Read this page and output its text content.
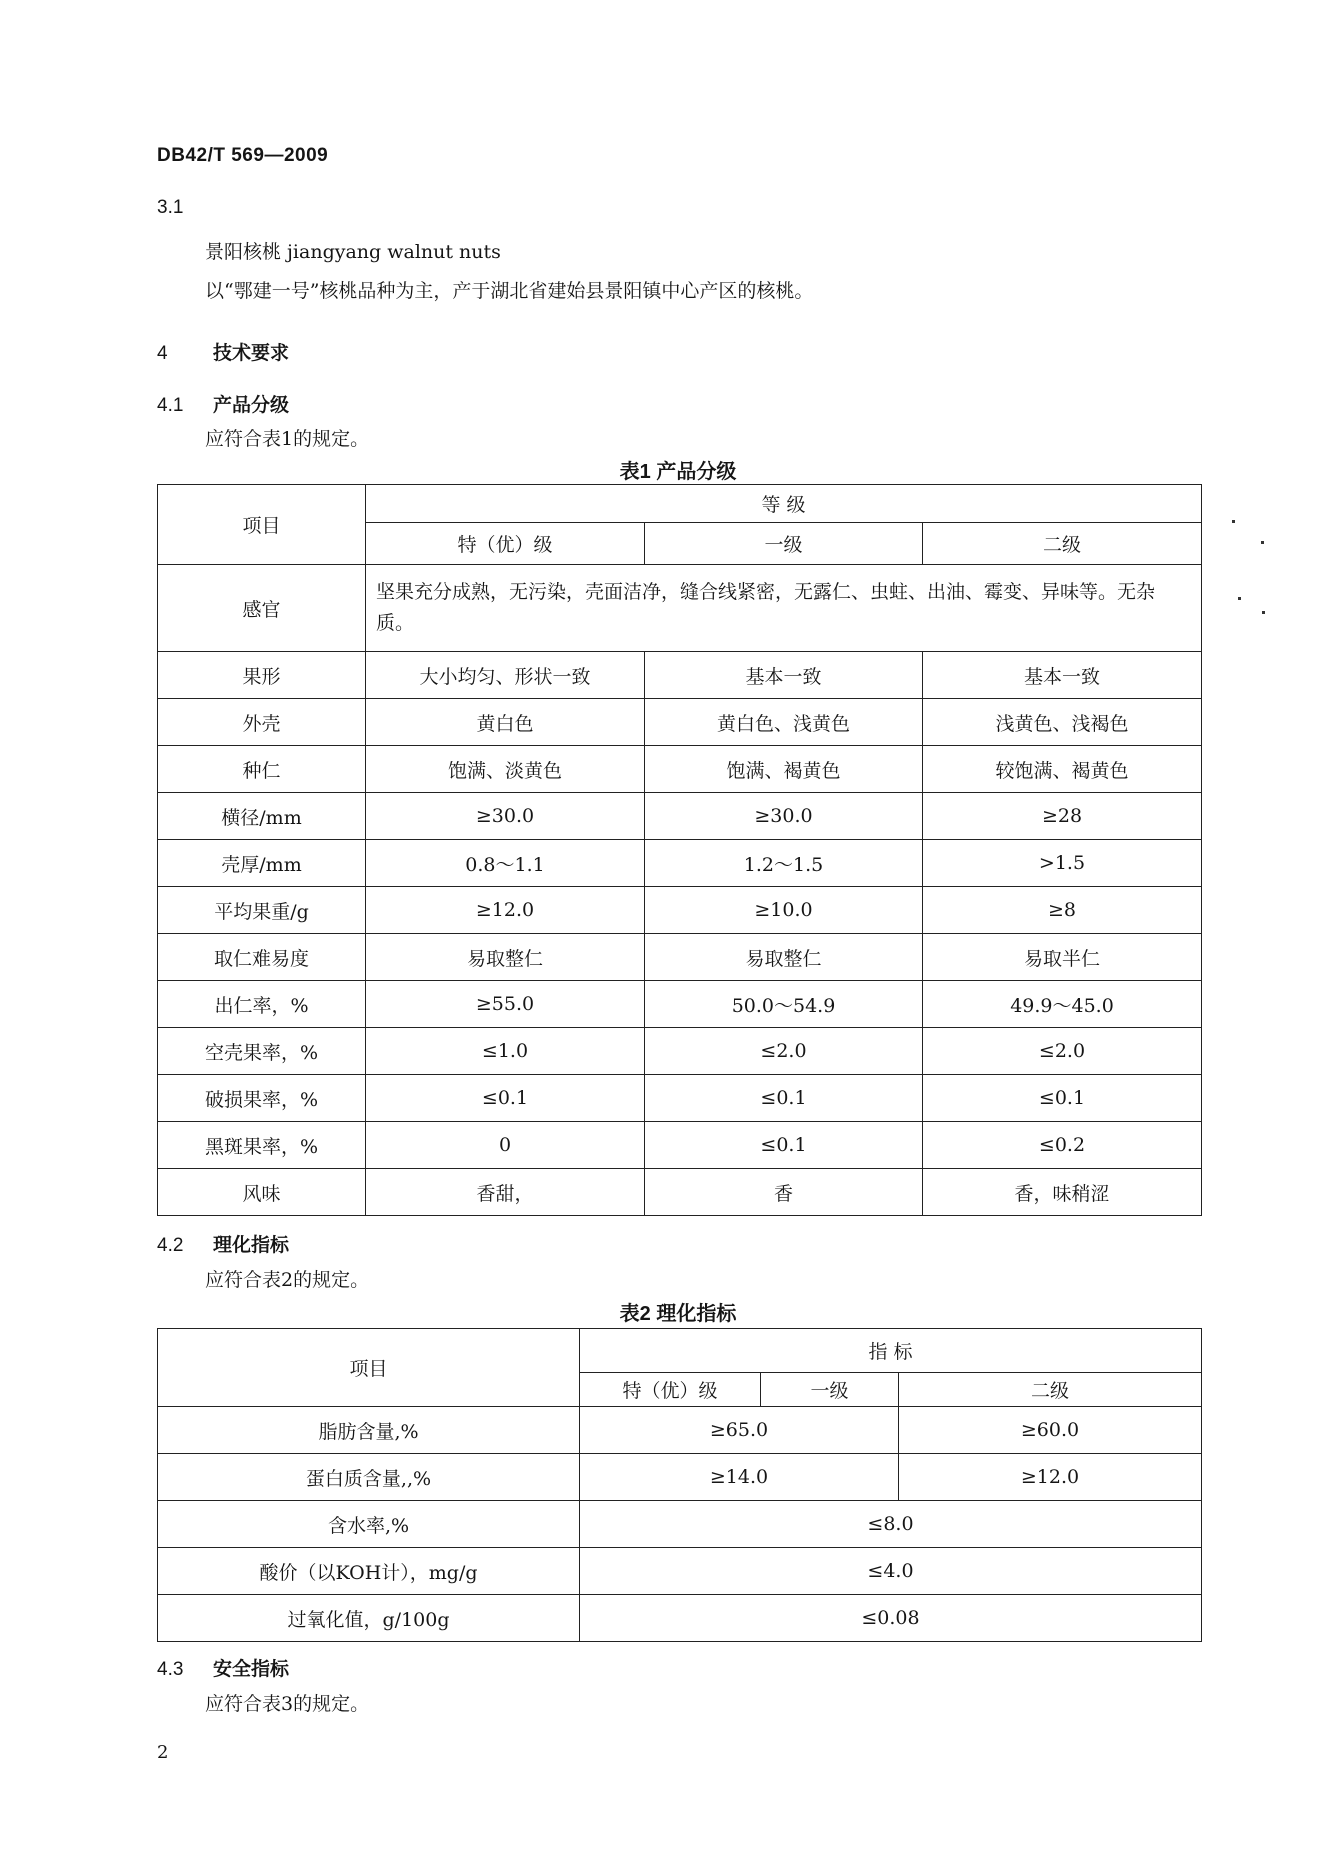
DB42/T 569—2009
3.1
景阳核桃 jiangyang walnut nuts
以“鄂建一号”核桃品种为主，产于湖北省建始县景阳镇中心产区的核桃。
4 技术要求
4.1 产品分级
应符合表1的规定。
表1 产品分级
项目	等 级		
	特（优）级	一级	二级
感官	坚果充分成熟，无污染，壳面洁净，缝合线紧密，无露仁、虫蛀、出油、霉变、异味等。无杂质。		
果形	大小均匀、形状一致	基本一致	基本一致
外壳	黄白色	黄白色、浅黄色	浅黄色、浅褐色
种仁	饱满、淡黄色	饱满、褐黄色	较饱满、褐黄色
横径/mm	≥30.0	≥30.0	≥28
壳厚/mm	0.8～1.1	1.2～1.5	>1.5
平均果重/g	≥12.0	≥10.0	≥8
取仁难易度	易取整仁	易取整仁	易取半仁
出仁率，%	≥55.0	50.0～54.9	49.9～45.0
空壳果率，%	≤1.0	≤2.0	≤2.0
破损果率，%	≤0.1	≤0.1	≤0.1
黑斑果率，%	0	≤0.1	≤0.2
风味	香甜，	香	香，味稍涩
4.2 理化指标
应符合表2的规定。
表2 理化指标
项目	指 标		
	特（优）级	一级	二级
脂肪含量,%	≥65.0		≥60.0
蛋白质含量,,%	≥14.0		≥12.0
含水率,%	≤8.0		
酸价（以KOH计），mg/g	≤4.0		
过氧化值，g/100g	≤0.08		
4.3 安全指标
应符合表3的规定。
2
